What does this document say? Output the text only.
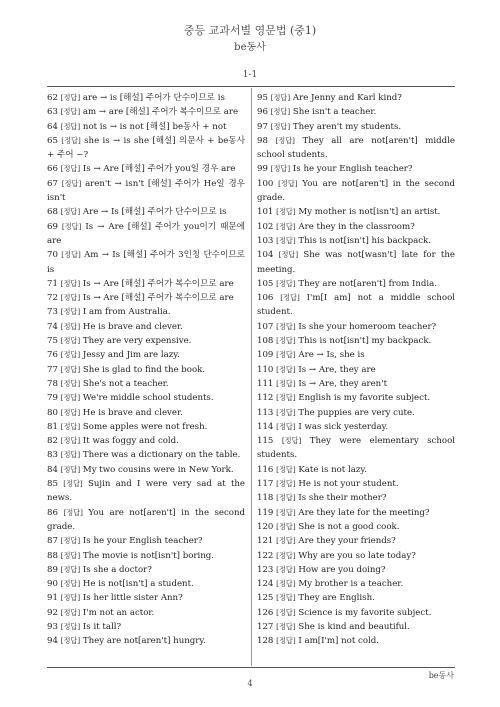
중등 교과서별 영문법 (중1)
be동사
1-1
62 [정답] are → is [해설] 주어가 단수이므로 is
63 [정답] am → are [해설] 주어가 복수이므로 are
64 [정답] not is → is not [해설] be동사 + not
65 [정답] she is → is she [해설] 의문사 + be동사 + 주어 ~?
66 [정답] Is → Are [해설] 주어가 you일 경우 are
67 [정답] aren't → isn't [해설] 주어가 He일 경우 isn't
68 [정답] Are → Is [해설] 주어가 단수이므로 is
69 [정답] Is → Are [해설] 주어가 you이기 때문에 are
70 [정답] Am → Is [해설] 주어가 3인칭 단수이므로 is
71 [정답] Is → Are [해설] 주어가 복수이므로 are
72 [정답] Is → Are [해설] 주어가 복수이므로 are
73 [정답] I am from Australia.
74 [정답] He is brave and clever.
75 [정답] They are very expensive.
76 [정답] Jessy and Jim are lazy.
77 [정답] She is glad to find the book.
78 [정답] She's not a teacher.
79 [정답] We're middle school students.
80 [정답] He is brave and clever.
81 [정답] Some apples were not fresh.
82 [정답] It was foggy and cold.
83 [정답] There was a dictionary on the table.
84 [정답] My two cousins were in New York.
85 [정답] Sujin and I were very sad at the news.
86 [정답] You are not[aren't] in the second grade.
87 [정답] Is he your English teacher?
88 [정답] The movie is not[isn't] boring.
89 [정답] Is she a doctor?
90 [정답] He is not[isn't] a student.
91 [정답] Is her little sister Ann?
92 [정답] I'm not an actor.
93 [정답] Is it tall?
94 [정답] They are not[aren't] hungry.
95 [정답] Are Jenny and Karl kind?
96 [정답] She isn't a teacher.
97 [정답] They aren't my students.
98 [정답] They all are not[aren't] middle school students.
99 [정답] Is he your English teacher?
100 [정답] You are not[aren't] in the second grade.
101 [정답] My mother is not[isn't] an artist.
102 [정답] Are they in the classroom?
103 [정답] This is not[isn't] his backpack.
104 [정답] She was not[wasn't] late for the meeting.
105 [정답] They are not[aren't] from India.
106 [정답] I'm[I am] not a middle school student.
107 [정답] Is she your homeroom teacher?
108 [정답] This is not[isn't] my backpack.
109 [정답] Are → Is, she is
110 [정답] Is → Are, they are
111 [정답] Is → Are, they aren't
112 [정답] English is my favorite subject.
113 [정답] The puppies are very cute.
114 [정답] I was sick yesterday.
115 [정답] They were elementary school students.
116 [정답] Kate is not lazy.
117 [정답] He is not your student.
118 [정답] Is she their mother?
119 [정답] Are they late for the meeting?
120 [정답] She is not a good cook.
121 [정답] Are they your friends?
122 [정답] Why are you so late today?
123 [정답] How are you doing?
124 [정답] My brother is a teacher.
125 [정답] They are English.
126 [정답] Science is my favorite subject.
127 [정답] She is kind and beautiful.
128 [정답] I am[I'm] not cold.
be동사
4
